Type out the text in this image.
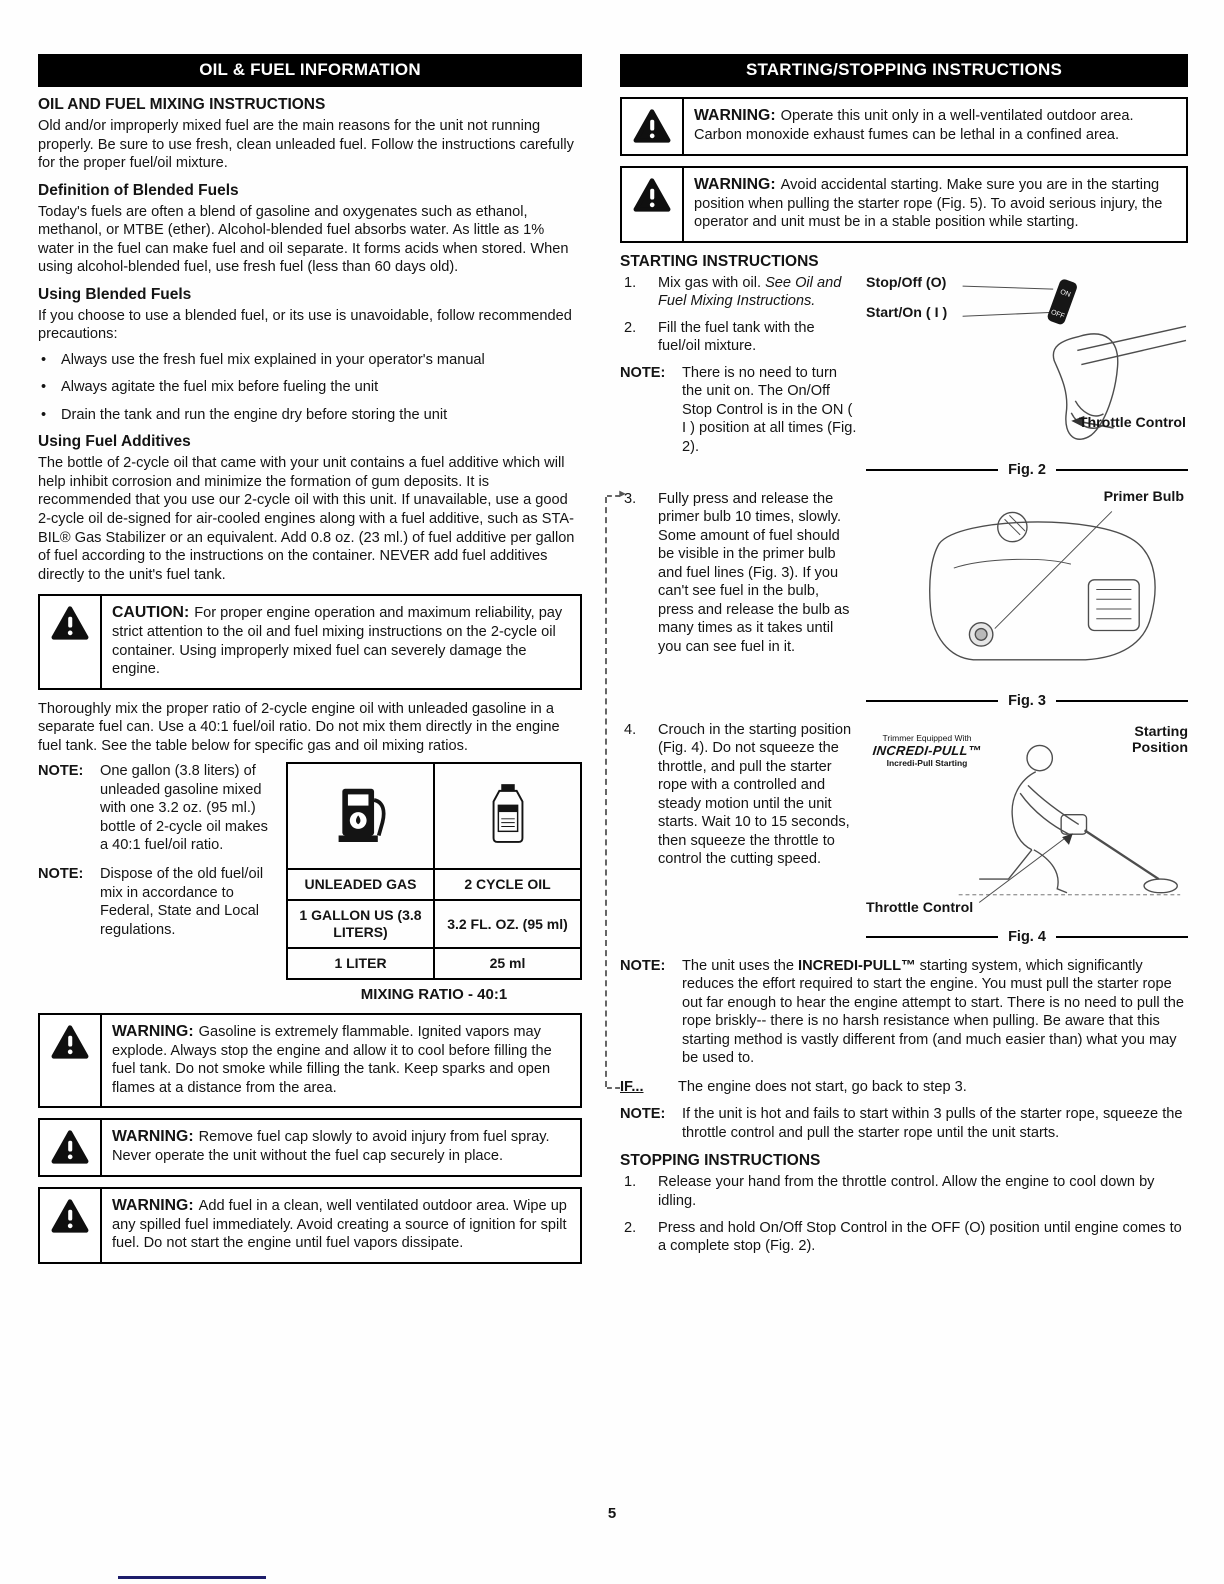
OIL & FUEL INFORMATION
OIL AND FUEL MIXING INSTRUCTIONS

Old and/or improperly mixed fuel are the main reasons for the unit not running properly. Be sure to use fresh, clean unleaded fuel. Follow the instructions carefully for the proper fuel/oil mixture.

Definition of Blended Fuels

Today's fuels are often a blend of gasoline and oxygenates such as ethanol, methanol, or MTBE (ether). Alcohol-blended fuel absorbs water. As little as 1% water in the fuel can make fuel and oil separate. It forms acids when stored. When using alcohol-blended fuel, use fresh fuel (less than 60 days old).

Using Blended Fuels

If you choose to use a blended fuel, or its use is unavoidable, follow recommended precautions:

•	Always use the fresh fuel mix explained in your operator's manual
•	Always agitate the fuel mix before fueling the unit
•	Drain the tank and run the engine dry before storing the unit
Using Fuel Additives

The bottle of 2-cycle oil that came with your unit contains a fuel additive which will help inhibit corrosion and minimize the formation of gum deposits. It is recommended that you use our 2-cycle oil with this unit. If unavailable, use a good 2-cycle oil de-signed for air-cooled engines along with a fuel additive, such as STA-BIL® Gas Stabilizer or an equivalent. Add 0.8 oz. (23 ml.) of fuel additive per gallon of fuel according to the instructions on the container. NEVER add fuel additives directly to the unit's fuel tank.

CAUTION: For proper engine operation and maximum reliability, pay strict attention to the oil and fuel mixing instructions on the 2-cycle oil container. Using improperly mixed fuel can severely damage the engine.

Thoroughly mix the proper ratio of 2-cycle engine oil with unleaded gasoline in a separate fuel can. Use a 40:1 fuel/oil ratio. Do not mix them directly in the engine fuel tank. See the table below for specific gas and oil mixing ratios.

NOTE:	One gallon (3.8 liters) of unleaded gasoline mixed with one 3.2 oz. (95 ml.) bottle of 2-cycle oil makes a 40:1 fuel/oil ratio.
NOTE:	Dispose of the old fuel/oil mix in accordance to Federal, State and Local regulations.

UNLEADED GAS	2 CYCLE OIL
1 GALLON US (3.8 LITERS)	3.2 FL. OZ. (95 ml)
1 LITER	25 ml
MIXING RATIO - 40:1
WARNING: Gasoline is extremely flammable. Ignited vapors may explode. Always stop the engine and allow it to cool before filling the fuel tank. Do not smoke while filling the tank. Keep sparks and open flames at a distance from the area.
WARNING: Remove fuel cap slowly to avoid injury from fuel spray. Never operate the unit without the fuel cap securely in place.
WARNING: Add fuel in a clean, well ventilated outdoor area. Wipe up any spilled fuel immediately. Avoid creating a source of ignition for spilt fuel. Do not start the engine until fuel vapors dissipate.
►
STARTING/STOPPING INSTRUCTIONS
WARNING: Operate this unit only in a well-ventilated outdoor area. Carbon monoxide exhaust fumes can be lethal in a confined area.
WARNING: Avoid accidental starting. Make sure you are in the starting position when pulling the starter rope (Fig. 5). To avoid serious injury, the operator and unit must be in a stable position while starting.
STARTING INSTRUCTIONS
1.	Mix gas with oil. See Oil and Fuel Mixing Instructions.
2.	Fill the fuel tank with the fuel/oil mixture.
NOTE:	There is no need to turn the unit on. The On/Off Stop Control is in the ON ( I ) position at all times (Fig. 2).
ON
OFF
Stop/Off (O)
Start/On ( I )
Throttle Control
Fig. 2
3.	Fully press and release the primer bulb 10 times, slowly. Some amount of fuel should be visible in the primer bulb and fuel lines (Fig. 3). If you can't see fuel in the bulb, press and release the bulb as many times as it takes until you can see fuel in it.
Primer Bulb
Fig. 3
4.	Crouch in the starting position (Fig. 4). Do not squeeze the throttle, and pull the starter rope with a controlled and steady motion until the unit starts. Wait 10 to 15 seconds, then squeeze the throttle to control the cutting speed.
Trimmer Equipped With
INCREDI-PULL™
Incredi-Pull Starting
Starting Position
Throttle Control
Fig. 4
NOTE:	The unit uses the INCREDI-PULL™ starting system, which significantly reduces the effort required to start the engine. You must pull the starter rope out far enough to hear the engine attempt to start. There is no need to pull the rope briskly-- there is no harsh resistance when pulling. Be aware that this starting method is vastly different from (and much easier than) what you may be used to.
IF...	The engine does not start, go back to step 3.
NOTE:	If the unit is hot and fails to start within 3 pulls of the starter rope, squeeze the throttle control and pull the starter rope until the unit starts.
STOPPING INSTRUCTIONS
1.	Release your hand from the throttle control. Allow the engine to cool down by idling.
2.	Press and hold On/Off Stop Control in the OFF (O) position until engine comes to a complete stop (Fig. 2).
5
